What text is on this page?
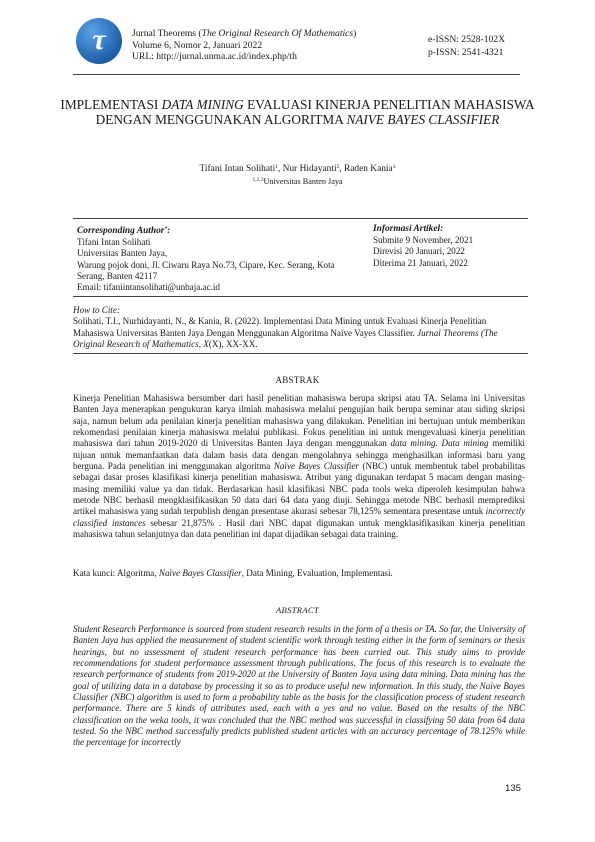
τ	Jurnal Theorems (The Original Research Of Mathematics)
Volume 6, Nomor 2, Januari 2022
URL: http://jurnal.unma.ac.id/index.php/th
e-ISSN: 2528-102X
p-ISSN: 2541-4321
IMPLEMENTASI DATA MINING EVALUASI KINERJA PENELITIAN MAHASISWA DENGAN MENGGUNAKAN ALGORITMA NAIVE BAYES CLASSIFIER
Tifani Intan Solihati$^1$, Nur Hidayanti$^2$, Raden Kania$^3$
$^{1,2,3}$Universitas Banten Jaya
Corresponding Author*:
Tifani Intan Solihati
Universitas Banten Jaya,
Warung pojok doni, Jl. Ciwaru Raya No.73, Cipare, Kec. Serang, Kota
Serang, Banten 42117
Email: tifaniintansolihati@unbaja.ac.id
Informasi Artikel:
Submite 9 November, 2021
Direvisi 20 Januari, 2022
Diterima 21 Januari, 2022
How to Cite:

Solihati, T.I., Nurhidayanti, N., & Kania, R. (2022). Implementasi Data Mining untuk Evaluasi Kinerja Penelitian Mahasiswa Universitas Banten Jaya Dengan Menggunakan Algoritma Naïve Vayes Classifier. Jurnal Theorems (The Original Research of Mathematics, X(X), XX-XX.

ABSTRAK
Kinerja Penelitian Mahasiswa bersumber dari hasil penelitian mahasiswa berupa skripsi atau TA. Selama ini Universitas Banten Jaya menerapkan pengukuran karya ilmiah mahasiswa melalui pengujian baik berupa seminar atau siding skripsi saja, namun belum ada penilaian kinerja penelitian mahasiswa yang dilakukan. Penelitian ini bertujuan untuk memberikan rekomendasi penilaian kinerja mahasiswa melalui publikasi. Fokus penelitian ini untuk mengevaluasi kinerja penelitian mahasiswa dari tahun 2019-2020 di Universitas Banten Jaya dengan menggunakan data mining. Data mining memiliki tujuan untuk memanfaatkan data dalam basis data dengan mengolahnya sehingga menghasilkan informasi baru yang berguna. Pada penelitian ini menggunakan algoritma Naïve Bayes Classifier (NBC) untuk membentuk tabel probabilitas sebagai dasar proses klasifikasi kinerja penelitian mahasiswa. Atribut yang digunakan terdapat 5 macam dengan masing-masing memiliki value ya dan tidak. Berdasarkan hasil klasifikasi NBC pada tools weka diperoleh kesimpulan bahwa metode NBC berhasil mengklasifikasikan 50 data dari 64 data yang diuji. Sehingga metode NBC berhasil memprediksi artikel mahasiswa yang sudah terpublish dengan presentase akurasi sebesar 78,125% sementara presentase untuk incorrectly classified instances sebesar 21,875% . Hasil dari NBC dapat digunakan untuk mengklasifikasikan kinerja penelitian mahasiswa tahun selanjutnya dan data penelitian ini dapat dijadikan sebagai data training.
Kata kunci: Algoritma, Naïve Bayes Classifier, Data Mining, Evaluation, Implementasi.
ABSTRACT
Student Research Performance is sourced from student research results in the form of a thesis or TA. So far, the University of Banten Jaya has applied the measurement of student scientific work through testing either in the form of seminars or thesis hearings, but no assessment of student research performance has been carried out. This study aims to provide recommendations for student performance assessment through publications. The focus of this research is to evaluate the research performance of students from 2019-2020 at the University of Banten Jaya using data mining. Data mining has the goal of utilizing data in a database by processing it so as to produce useful new information. In this study, the Naïve Bayes Classifier (NBC) algorithm is used to form a probability table as the basis for the classification process of student research performance. There are 5 kinds of attributes used, each with a yes and no value. Based on the results of the NBC classification on the weka tools, it was concluded that the NBC method was successful in classifying 50 data from 64 data tested. So the NBC method successfully predicts published student articles with an accuracy percentage of 78.125% while the percentage for incorrectly
135
